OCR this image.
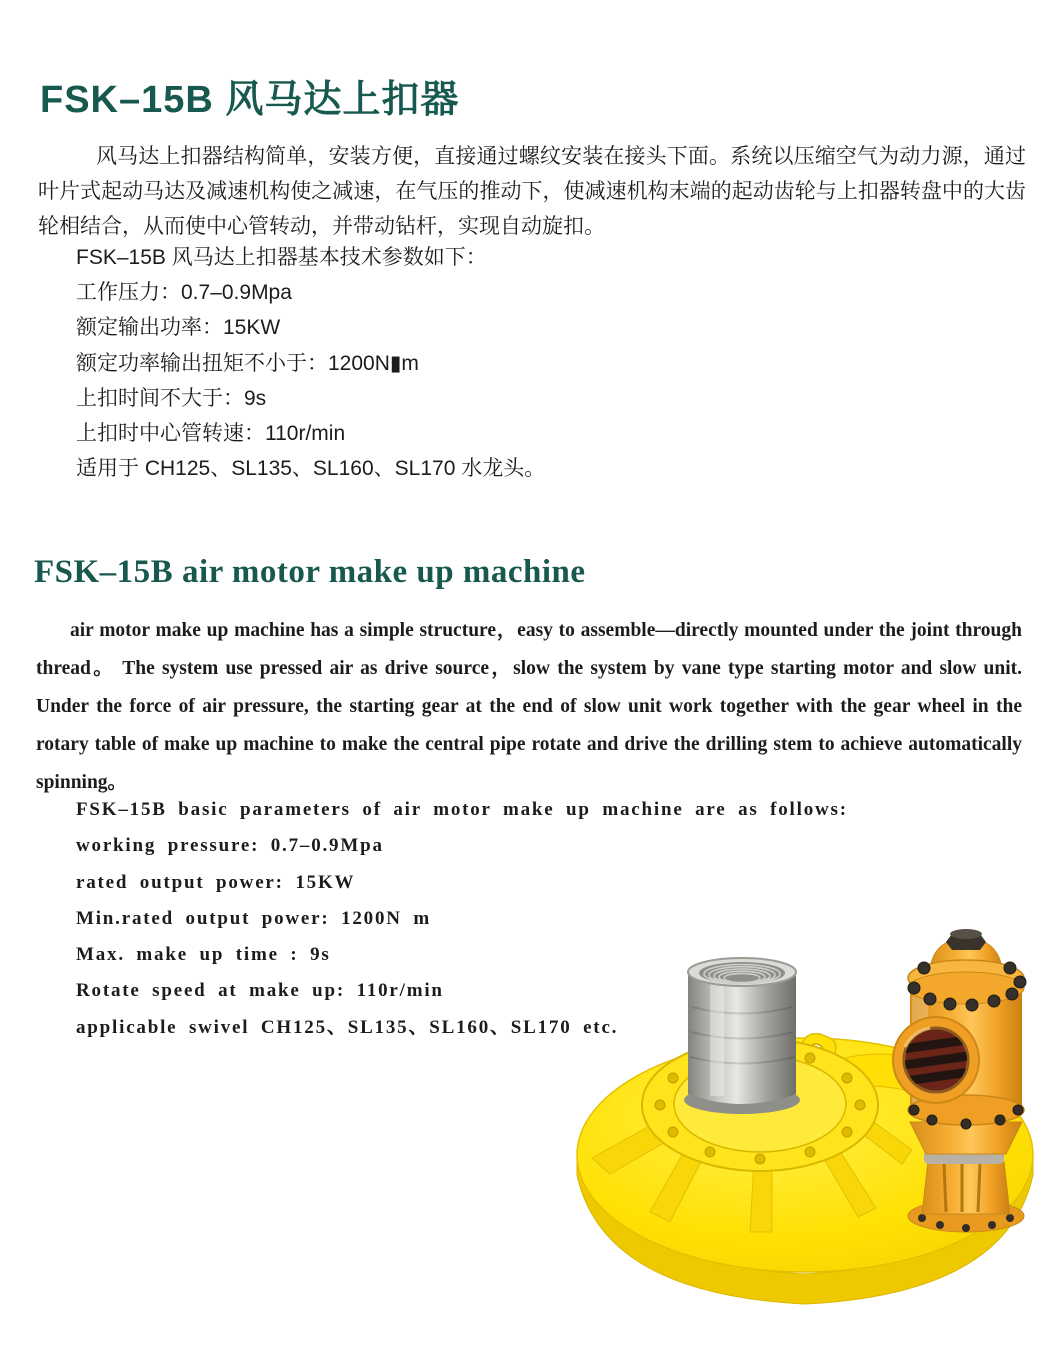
FSK–15B 风马达上扣器

风马达上扣器结构简单，安装方便，直接通过螺纹安装在接头下面。系统以压缩空气为动力源，通过叶片式起动马达及减速机构使之减速，在气压的推动下，使减速机构末端的起动齿轮与上扣器转盘中的大齿轮相结合，从而使中心管转动，并带动钻杆，实现自动旋扣。

FSK–15B 风马达上扣器基本技术参数如下：
工作压力：0.7–0.9Mpa
额定输出功率：15KW
额定功率输出扭矩不小于：1200N▮m
上扣时间不大于：9s
上扣时中心管转速：110r/min
适用于 CH125、SL135、SL160、SL170 水龙头。
FSK–15B air motor make up machine

air motor make up machine has a simple structure，easy to assemble—directly mounted under the joint through thread。 The system use pressed air as drive source，slow the system by vane type starting motor and slow unit. Under the force of air pressure, the starting gear at the end of slow unit work together with the gear wheel in the rotary table of make up machine to make the central pipe rotate and drive the drilling stem to achieve automatically spinning。

FSK–15B basic parameters of air motor make up machine are as follows:
working pressure: 0.7–0.9Mpa
rated output power: 15KW
Min.rated output power: 1200N m
Max. make up time : 9s
Rotate speed at make up: 110r/min
applicable swivel CH125、SL135、SL160、SL170 etc.
